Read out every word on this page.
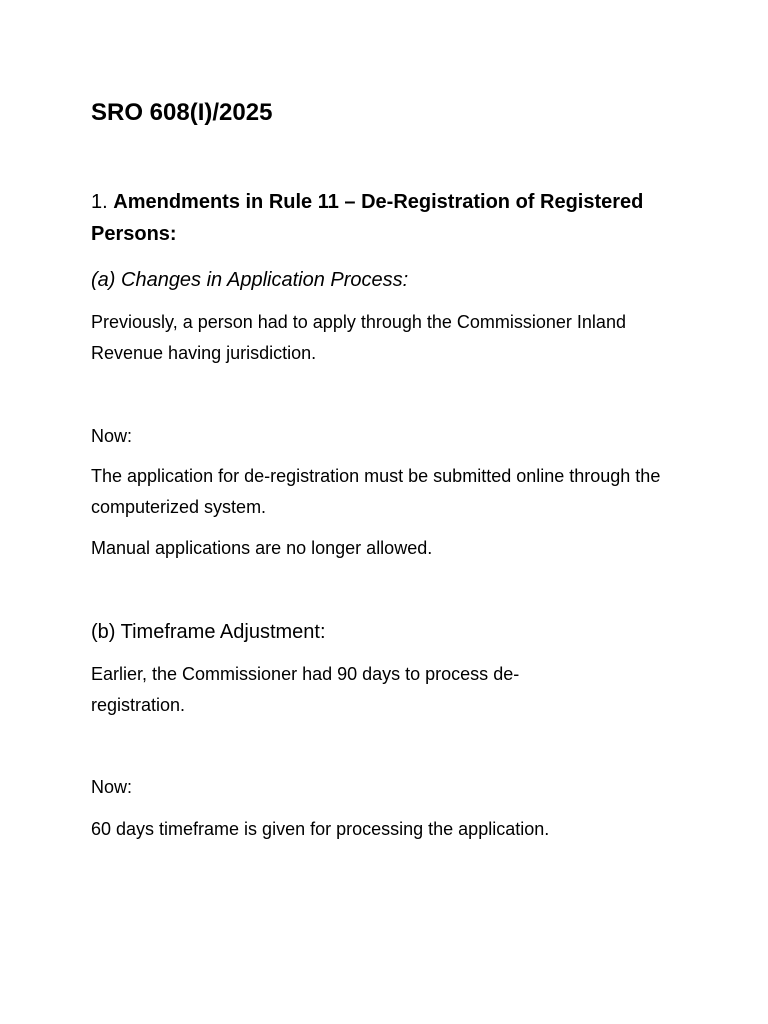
SRO 608(I)/2025

1. Amendments in Rule 11 – De-Registration of Registered Persons:

(a) Changes in Application Process:

Previously, a person had to apply through the Commissioner Inland Revenue having jurisdiction.

Now:

The application for de-registration must be submitted online through the computerized system.

Manual applications are no longer allowed.

(b) Timeframe Adjustment:

Earlier, the Commissioner had 90 days to process de-registration.

Now:

60 days timeframe is given for processing the application.
